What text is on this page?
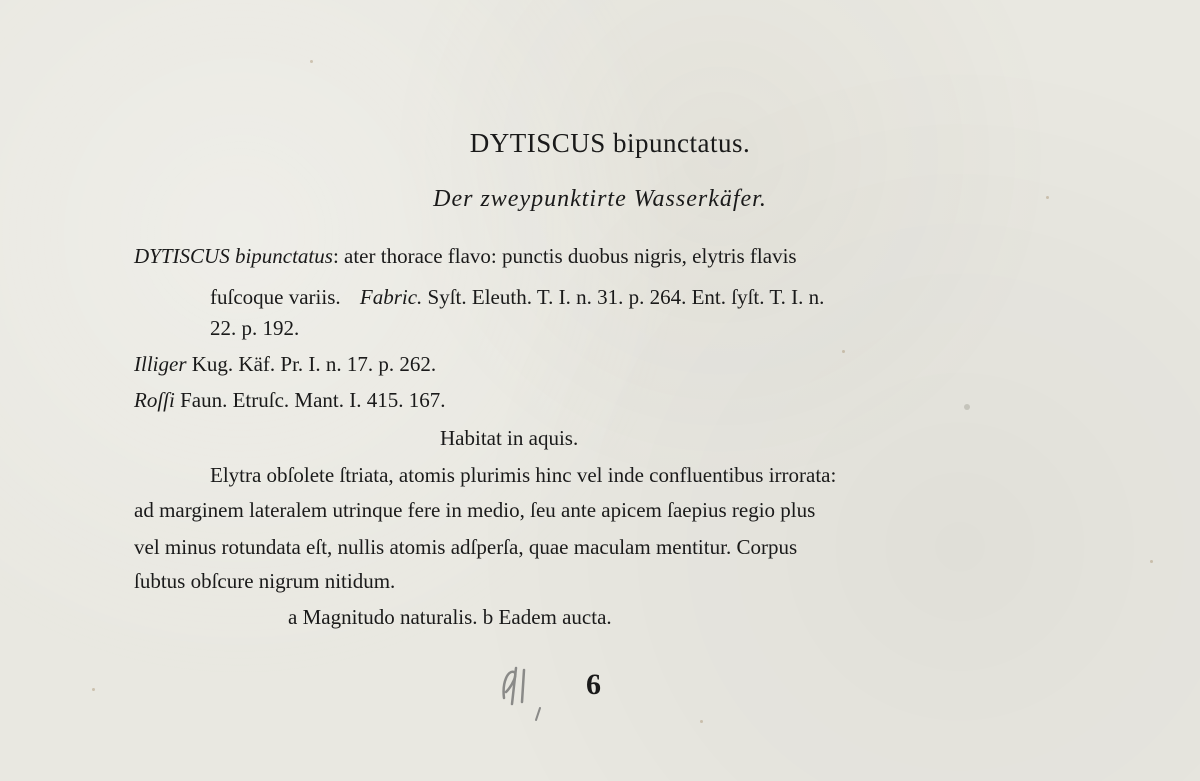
DYTISCUS bipunctatus.
Der zweypunktirte Wasserkäfer.
DYTISCUS bipunctatus: ater thorace flavo: punctis duobus nigris, elytris flavis
fuſcoque variis. Fabric. Syſt. Eleuth. T. I. n. 31. p. 264. Ent. ſyſt. T. I. n.
22. p. 192.
Illiger Kug. Käf. Pr. I. n. 17. p. 262.
Roſſi Faun. Etruſc. Mant. I. 415. 167.
Habitat in aquis.
Elytra obſolete ſtriata, atomis plurimis hinc vel inde confluentibus irrorata:
ad marginem lateralem utrinque fere in medio, ſeu ante apicem ſaepius regio plus
vel minus rotundata eſt, nullis atomis adſperſa, quae maculam mentitur. Corpus
ſubtus obſcure nigrum nitidum.
a Magnitudo naturalis. b Eadem aucta.
6
